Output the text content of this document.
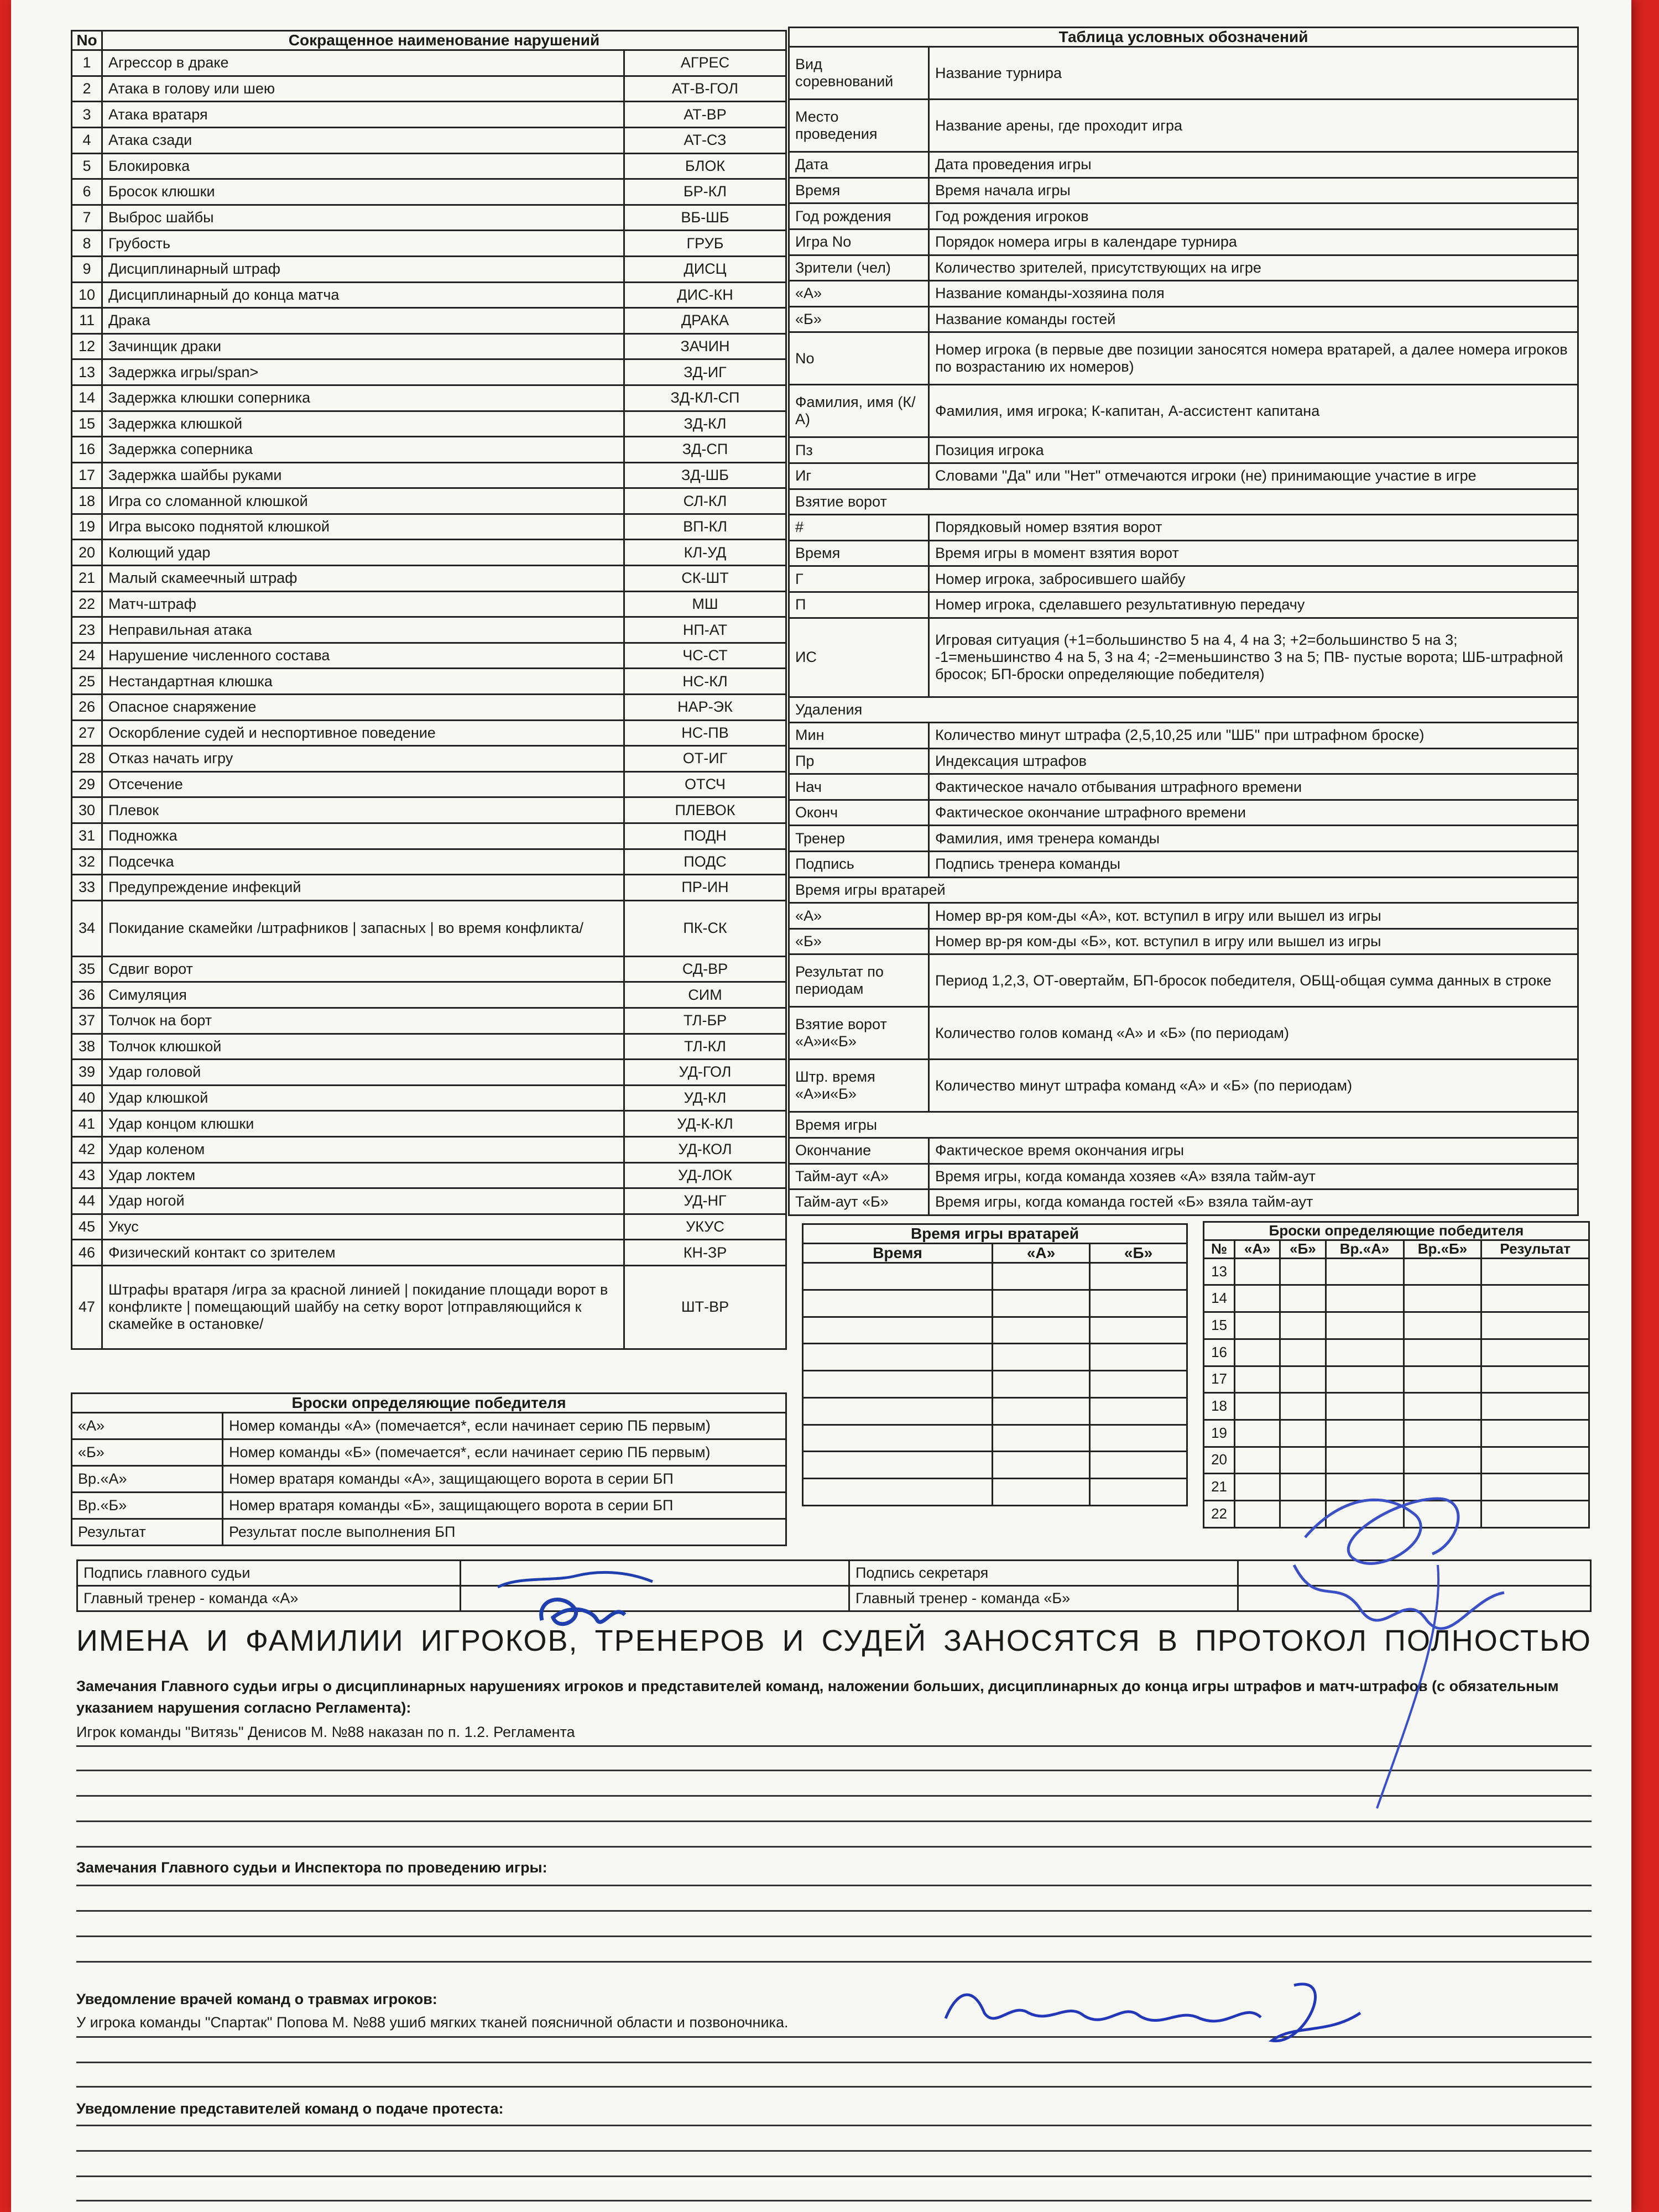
No	Сокращенное наименование нарушений	
1	Агрессор в драке	АГРЕС
2	Атака в голову или шею	АТ-В-ГОЛ
3	Атака вратаря	АТ-ВР
4	Атака сзади	АТ-СЗ
5	Блокировка	БЛОК
6	Бросок клюшки	БР-КЛ
7	Выброс шайбы	ВБ-ШБ
8	Грубость	ГРУБ
9	Дисциплинарный штраф	ДИСЦ
10	Дисциплинарный до конца матча	ДИС-КН
11	Драка	ДРАКА
12	Зачинщик драки	ЗАЧИН
13	Задержка игры/span>	ЗД-ИГ
14	Задержка клюшки соперника	ЗД-КЛ-СП
15	Задержка клюшкой	ЗД-КЛ
16	Задержка соперника	ЗД-СП
17	Задержка шайбы руками	ЗД-ШБ
18	Игра со сломанной клюшкой	СЛ-КЛ
19	Игра высоко поднятой клюшкой	ВП-КЛ
20	Колющий удар	КЛ-УД
21	Малый скамеечный штраф	СК-ШТ
22	Матч-штраф	МШ
23	Неправильная атака	НП-АТ
24	Нарушение численного состава	ЧС-СТ
25	Нестандартная клюшка	НС-КЛ
26	Опасное снаряжение	НАР-ЭК
27	Оскорбление судей и неспортивное поведение	НС-ПВ
28	Отказ начать игру	ОТ-ИГ
29	Отсечение	ОТСЧ
30	Плевок	ПЛЕВОК
31	Подножка	ПОДН
32	Подсечка	ПОДС
33	Предупреждение инфекций	ПР-ИН
34	Покидание скамейки /штрафников | запасных | во время конфликта/	ПК-СК
35	Сдвиг ворот	СД-ВР
36	Симуляция	СИМ
37	Толчок на борт	ТЛ-БР
38	Толчок клюшкой	ТЛ-КЛ
39	Удар головой	УД-ГОЛ
40	Удар клюшкой	УД-КЛ
41	Удар концом клюшки	УД-К-КЛ
42	Удар коленом	УД-КОЛ
43	Удар локтем	УД-ЛОК
44	Удар ногой	УД-НГ
45	Укус	УКУС
46	Физический контакт со зрителем	КН-ЗР
47	Штрафы вратаря /игра за красной линией | покидание площади ворот в конфликте | помещающий шайбу на сетку ворот |отправляющийся к скамейке в остановке/	ШТ-ВР
Таблица условных обозначений	
Вид соревнований	Название турнира
Место проведения	Название арены, где проходит игра
Дата	Дата проведения игры
Время	Время начала игры
Год рождения	Год рождения игроков
Игра No	Порядок номера игры в календаре турнира
Зрители (чел)	Количество зрителей, присутствующих на игре
«А»	Название команды-хозяина поля
«Б»	Название команды гостей
No	Номер игрока (в первые две позиции заносятся номера вратарей, а далее номера игроков по возрастанию их номеров)
Фамилия, имя (К/А)	Фамилия, имя игрока; К-капитан, А-ассистент капитана
Пз	Позиция игрока
Иг	Словами "Да" или "Нет" отмечаются игроки (не) принимающие участие в игре
Взятие ворот	
#	Порядковый номер взятия ворот
Время	Время игры в момент взятия ворот
Г	Номер игрока, забросившего шайбу
П	Номер игрока, сделавшего результативную передачу
ИС	Игровая ситуация (+1=большинство 5 на 4, 4 на 3; +2=большинство 5 на 3; -1=меньшинство 4 на 5, 3 на 4; -2=меньшинство 3 на 5; ПВ- пустые ворота; ШБ-штрафной бросок; БП-броски определяющие победителя)
Удаления	
Мин	Количество минут штрафа (2,5,10,25 или "ШБ" при штрафном броске)
Пр	Индексация штрафов
Нач	Фактическое начало отбывания штрафного времени
Оконч	Фактическое окончание штрафного времени
Тренер	Фамилия, имя тренера команды
Подпись	Подпись тренера команды
Время игры вратарей	
«А»	Номер вр-ря ком-ды «А», кот. вступил в игру или вышел из игры
«Б»	Номер вр-ря ком-ды «Б», кот. вступил в игру или вышел из игры
Результат по периодам	Период 1,2,3, ОТ-овертайм, БП-бросок победителя, ОБЩ-общая сумма данных в строке
Взятие ворот «А»и«Б»	Количество голов команд «А» и «Б» (по периодам)
Штр. время «А»и«Б»	Количество минут штрафа команд «А» и «Б» (по периодам)
Время игры	
Окончание	Фактическое время окончания игры
Тайм-аут «А»	Время игры, когда команда хозяев «А» взяла тайм-аут
Тайм-аут «Б»	Время игры, когда команда гостей «Б» взяла тайм-аут
Время игры вратарей		
Время	«А»	«Б»

Броски определяющие победителя					
№	«А»	«Б»	Вр.«А»	Вр.«Б»	Результат
13					
14					
15					
16					
17					
18					
19					
20					
21					
22					
Броски определяющие победителя	
«А»	Номер команды «А» (помечается*, если начинает серию ПБ первым)
«Б»	Номер команды «Б» (помечается*, если начинает серию ПБ первым)
Вр.«А»	Номер вратаря команды «А», защищающего ворота в серии БП
Вр.«Б»	Номер вратаря команды «Б», защищающего ворота в серии БП
Результат	Результат после выполнения БП
Подпись главного судьи		Подпись секретаря	
Главный тренер - команда «А»		Главный тренер - команда «Б»	
ИМЕНА И ФАМИЛИИ ИГРОКОВ, ТРЕНЕРОВ И СУДЕЙ ЗАНОСЯТСЯ В ПРОТОКОЛ ПОЛНОСТЬЮ
Замечания Главного судьи игры о дисциплинарных нарушениях игроков и представителей команд, наложении больших, дисциплинарных до конца игры штрафов и матч-штрафов (с обязательным указанием нарушения согласно Регламента):
Игрок команды "Витязь" Денисов М. №88 наказан по п. 1.2. Регламента
Замечания Главного судьи и Инспектора по проведению игры:
Уведомление врачей команд о травмах игроков:
У игрока команды "Спартак" Попова М. №88 ушиб мягких тканей поясничной области и позвоночника.
Уведомление представителей команд о подаче протеста:
